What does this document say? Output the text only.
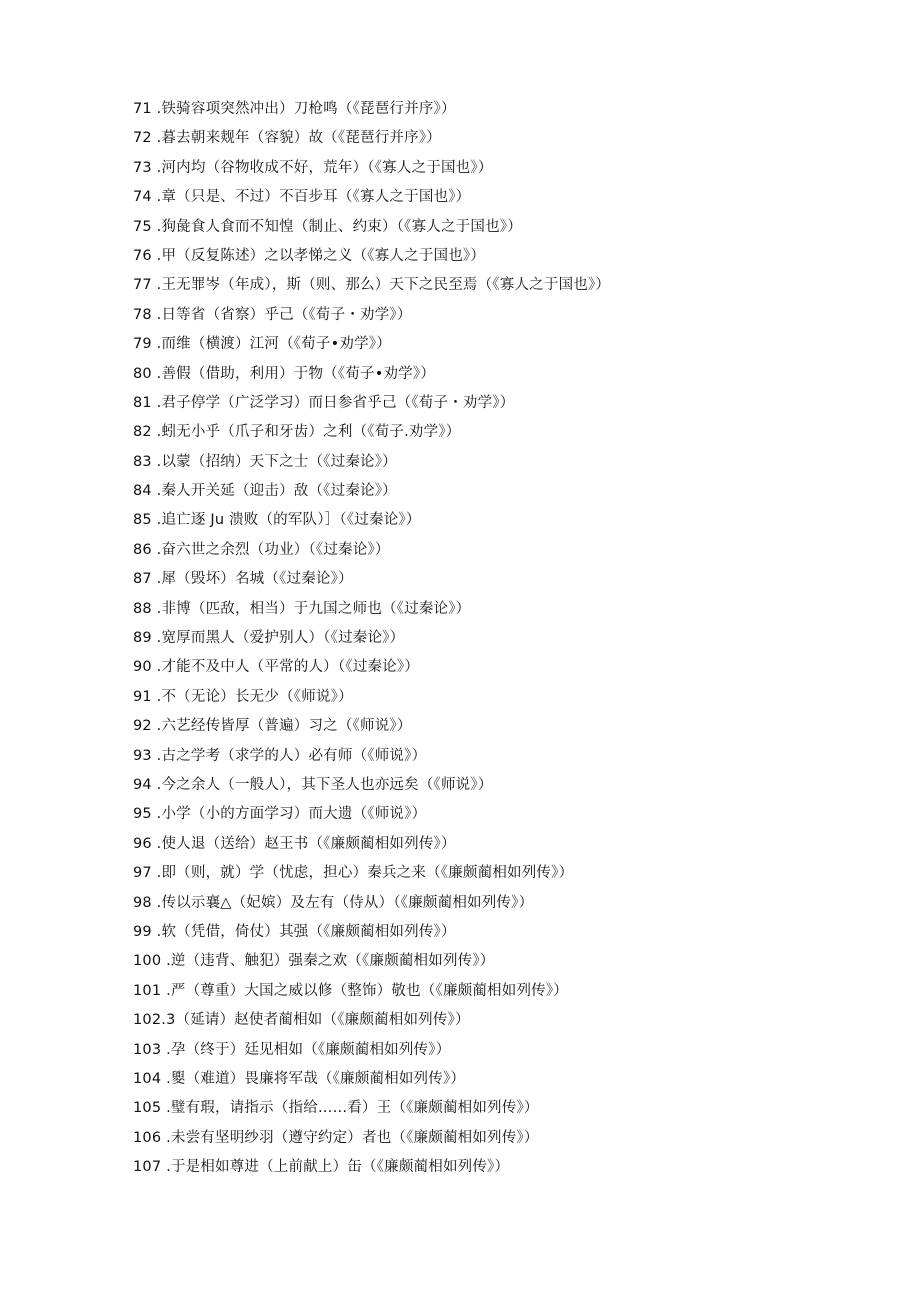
71 .铁骑容项突然冲出）刀枪鸣（《琵琶行并序》）
72 .暮去朝来觌年（容貌）故（《琵琶行并序》）
73 .河内均（谷物收成不好，荒年）（《寡人之于国也》）
74 .章（只是、不过）不百步耳（《寡人之于国也》）
75 .狗彘食人食而不知惶（制止、约束）（《寡人之于国也》）
76 .甲（反复陈述）之以孝悌之义（《寡人之于国也》）
77 .王无罪岑（年成），斯（则、那么）天下之民至焉（《寡人之于国也》）
78 .日等省（省察）乎己（《荀子・劝学》）
79 .而维（横渡）江河（《荀子•劝学》）
80 .善假（借助，利用）于物（《荀子•劝学》）
81 .君子停学（广泛学习）而日参省乎己（《荀子・劝学》）
82 .蚓无小乎（爪子和牙齿）之利（《荀子.劝学》）
83 .以蒙（招纳）天下之士（《过秦论》）
84 .秦人开关延（迎击）敌（《过秦论》）
85 .追亡逐 Ju 溃败（的军队）］（《过秦论》）
86 .奋六世之余烈（功业）（《过秦论》）
87 .犀（毁坏）名城（《过秦论》）
88 .非博（匹敌，相当）于九国之师也（《过秦论》）
89 .宽厚而黑人（爱护别人）（《过秦论》）
90 .才能不及中人（平常的人）（《过秦论》）
91 .不（无论）长无少（《师说》）
92 .六艺经传皆厚（普遍）习之（《师说》）
93 .古之学考（求学的人）必有师（《师说》）
94 .今之余人（一般人），其下圣人也亦远矣（《师说》）
95 .小学（小的方面学习）而大遗（《师说》）
96 .使人退（送给）赵王书（《廉颇蔺相如列传》）
97 .即（则，就）学（忧虑，担心）秦兵之来（《廉颇蔺相如列传》）
98 .传以示襄△（妃嫔）及左有（侍从）（《廉颇蔺相如列传》）
99 .软（凭借，倚仗）其强（《廉颇蔺相如列传》）
100 .逆（违背、触犯）强秦之欢（《廉颇蔺相如列传》）
101 .严（尊重）大国之威以修（整饰）敬也（《廉颇蔺相如列传》）
102.3（延请）赵使者蔺相如（《廉颇蔺相如列传》）
103 .孕（终于）廷见相如（《廉颇蔺相如列传》）
104 .夓（难道）畏廉将军哉（《廉颇蔺相如列传》）
105 .璧有瑕，请指示（指给……看）王（《廉颇蔺相如列传》）
106 .未尝有坚明纱羽（遵守约定）者也（《廉颇蔺相如列传》）
107 .于是相如尊进（上前献上）缶（《廉颇蔺相如列传》）
